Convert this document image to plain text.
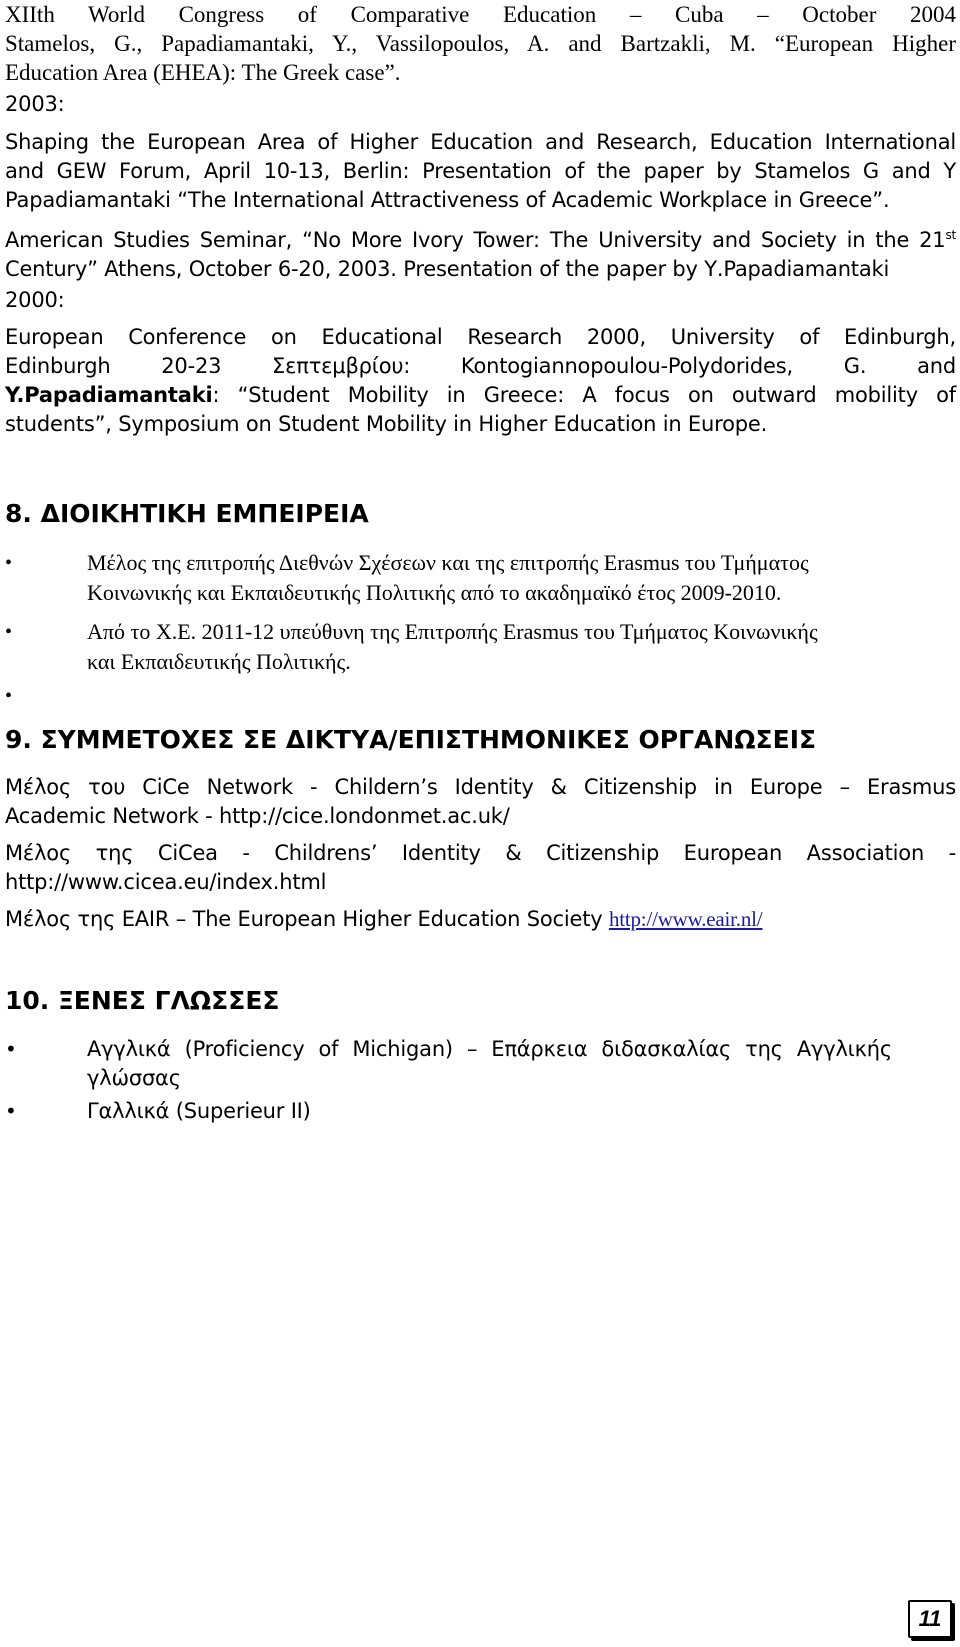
XIIth World Congress of Comparative Education – Cuba – October 2004
Stamelos, G., Papadiamantaki, Y., Vassilopoulos, A. and Bartzakli, M. “European Higher
Education Area (EHEA): The Greek case”.
2003:
Shaping the European Area of Higher Education and Research, Education International
and GEW Forum, April 10-13, Berlin: Presentation of the paper by Stamelos G and Y
Papadiamantaki “The International Attractiveness of Academic Workplace in Greece”.
American Studies Seminar, “No More Ivory Tower: The University and Society in the 21st
Century” Athens, October 6-20, 2003. Presentation of the paper by Υ.Papadiamantaki
2000:
European Conference on Educational Research 2000, University of Edinburgh,
Edinburgh 20-23 Σεπτεμβρίου: Kontogiannopoulou-Polydorides, G. and
Y.Papadiamantaki: “Student Mobility in Greece: A focus on outward mobility of
students”, Symposium on Student Mobility in Higher Education in Europe.
8. ΔΙΟΙΚΗΤΙΚΗ ΕΜΠΕΙΡΕΙΑ
•	Μέλος της επιτροπής Διεθνών Σχέσεων και της επιτροπής Erasmus του Τμήματος
Κοινωνικής και Εκπαιδευτικής Πολιτικής από το ακαδημαϊκό έτος 2009-2010.
•	Από το Χ.Ε. 2011-12 υπεύθυνη της Επιτροπής Erasmus του Τμήματος Κοινωνικής
και Εκπαιδευτικής Πολιτικής.
•
9. ΣΥΜΜΕΤΟΧΕΣ ΣΕ ΔΙΚΤΥΑ/ΕΠΙΣΤΗΜΟΝΙΚΕΣ ΟΡΓΑΝΩΣΕΙΣ
Μέλος του CiCe Network - Childern’s Identity & Citizenship in Europe – Erasmus
Academic Network - http://cice.londonmet.ac.uk/
Μέλος της CiCea - Childrens’ Identity & Citizenship European Association -
http://www.cicea.eu/index.html
Μέλος της EAIR – The European Higher Education Society http://www.eair.nl/
10. ΞΕΝΕΣ ΓΛΩΣΣΕΣ
•	Αγγλικά (Proficiency of Michigan) – Επάρκεια διδασκαλίας της Αγγλικής
γλώσσας
•	Γαλλικά (Superieur II)
11
